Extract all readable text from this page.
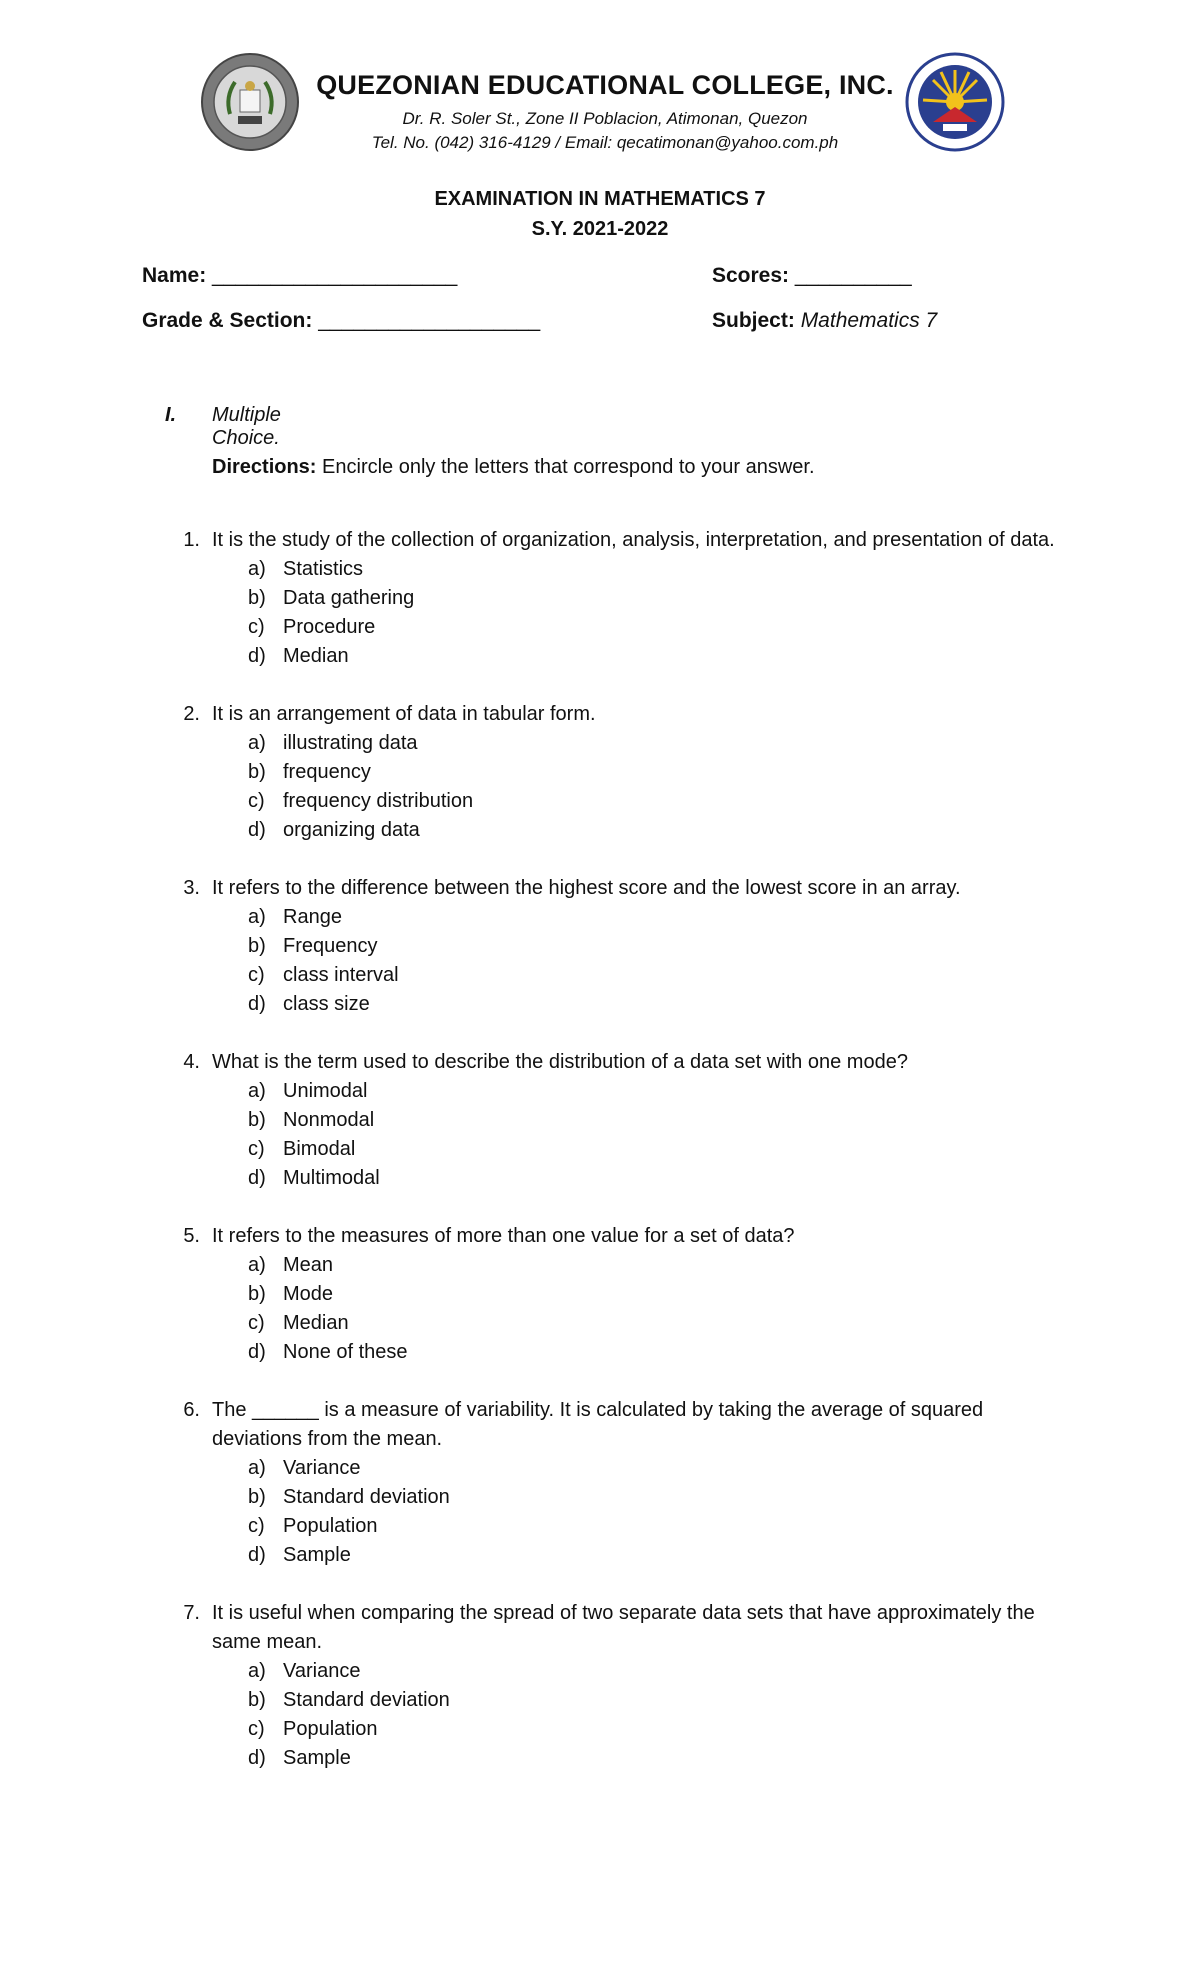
QUEZONIAN EDUCATIONAL COLLEGE, INC.
Dr. R. Soler St., Zone II Poblacion, Atimonan, Quezon
Tel. No. (042) 316-4129 / Email: qecatimonan@yahoo.com.ph
EXAMINATION IN MATHEMATICS 7
S.Y. 2021-2022
Name: _____________________	Scores: __________
Grade & Section: ___________________	Subject: Mathematics 7
I. Multiple Choice.
Directions: Encircle only the letters that correspond to your answer.
1. It is the study of the collection of organization, analysis, interpretation, and presentation of data.
a) Statistics
b) Data gathering
c) Procedure
d) Median
2. It is an arrangement of data in tabular form.
a) illustrating data
b) frequency
c) frequency distribution
d) organizing data
3. It refers to the difference between the highest score and the lowest score in an array.
a) Range
b) Frequency
c) class interval
d) class size
4. What is the term used to describe the distribution of a data set with one mode?
a) Unimodal
b) Nonmodal
c) Bimodal
d) Multimodal
5. It refers to the measures of more than one value for a set of data?
a) Mean
b) Mode
c) Median
d) None of these
6. The ______ is a measure of variability. It is calculated by taking the average of squared deviations from the mean.
a) Variance
b) Standard deviation
c) Population
d) Sample
7. It is useful when comparing the spread of two separate data sets that have approximately the same mean.
a) Variance
b) Standard deviation
c) Population
d) Sample
